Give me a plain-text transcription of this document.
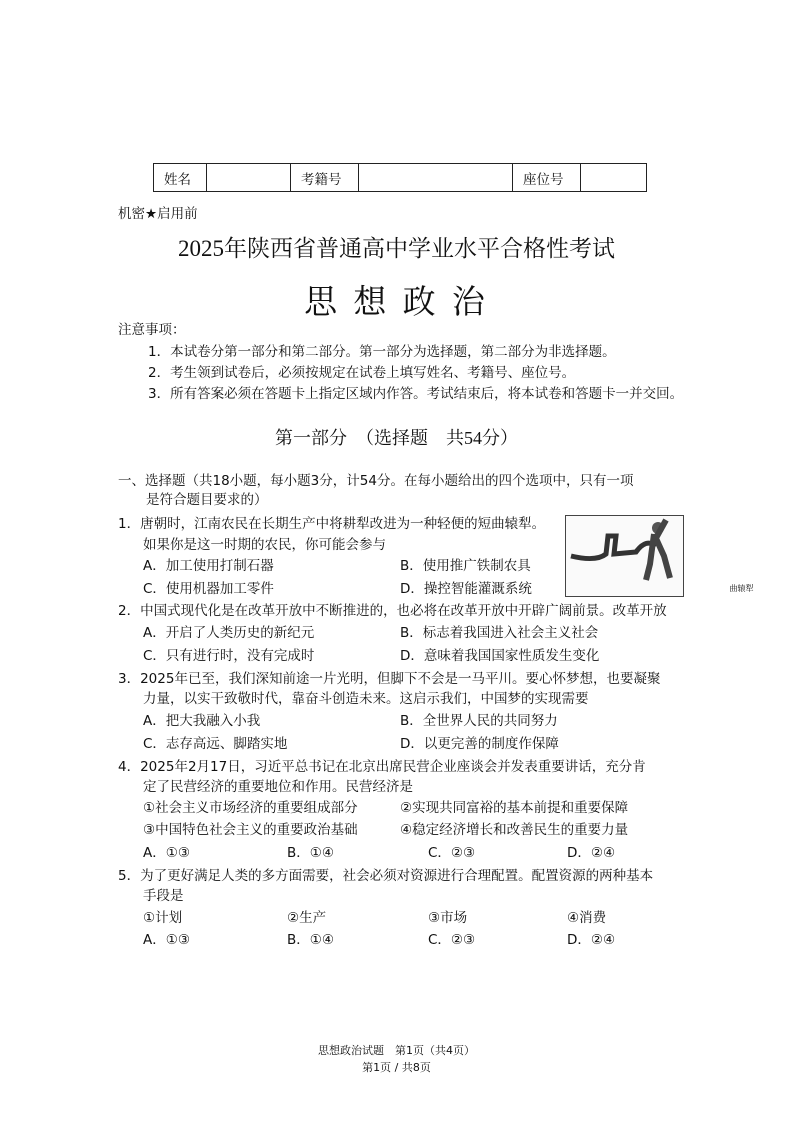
姓名		考籍号		座位号	
机密★启用前
2025年陕西省普通高中学业水平合格性考试
思 想 政 治
注意事项：
1．本试卷分第一部分和第二部分。第一部分为选择题，第二部分为非选择题。
2．考生领到试卷后，必须按规定在试卷上填写姓名、考籍号、座位号。
3．所有答案必须在答题卡上指定区域内作答。考试结束后，将本试卷和答题卡一并交回。
第一部分　（选择题　共54分）
一、选择题（共18小题，每小题3分，计54分。在每小题给出的四个选项中，只有一项
是符合题目要求的）
1．唐朝时，江南农民在长期生产中将耕犁改进为一种轻便的短曲辕犁。
如果你是这一时期的农民，你可能会参与
A．加工使用打制石器	B．使用推广铁制农具
C．使用机器加工零件	D．操控智能灌溉系统	曲辕犁
2．中国式现代化是在改革开放中不断推进的，也必将在改革开放中开辟广阔前景。改革开放
A．开启了人类历史的新纪元	B．标志着我国进入社会主义社会
C．只有进行时，没有完成时	D．意味着我国国家性质发生变化
3．2025年已至，我们深知前途一片光明，但脚下不会是一马平川。要心怀梦想，也要凝聚
力量，以实干致敬时代，靠奋斗创造未来。这启示我们，中国梦的实现需要
A．把大我融入小我	B．全世界人民的共同努力
C．志存高远、脚踏实地	D．以更完善的制度作保障
4．2025年2月17日，习近平总书记在北京出席民营企业座谈会并发表重要讲话，充分肯
定了民营经济的重要地位和作用。民营经济是
①社会主义市场经济的重要组成部分	②实现共同富裕的基本前提和重要保障
③中国特色社会主义的重要政治基础	④稳定经济增长和改善民生的重要力量
A．①③	B．①④	C．②③	D．②④
5．为了更好满足人类的多方面需要，社会必须对资源进行合理配置。配置资源的两种基本
手段是
①计划	②生产	③市场	④消费
A．①③	B．①④	C．②③	D．②④
思想政治试题　第1页（共4页）
第1页 / 共8页
